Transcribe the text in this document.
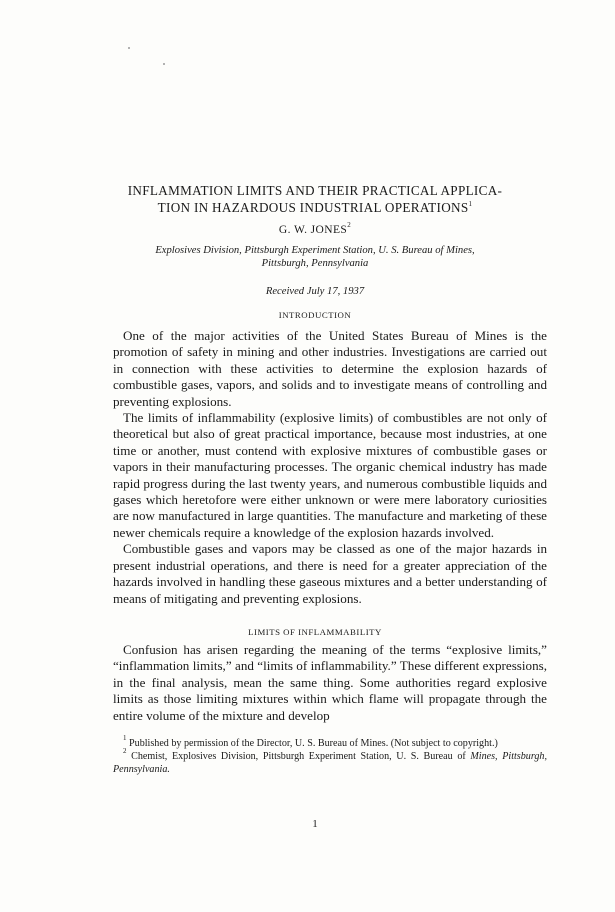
INFLAMMATION LIMITS AND THEIR PRACTICAL APPLICA-
TION IN HAZARDOUS INDUSTRIAL OPERATIONS$^1$
G. W. JONES$^2$
Explosives Division, Pittsburgh Experiment Station, U. S. Bureau of Mines,
Pittsburgh, Pennsylvania
Received July 17, 1937
INTRODUCTION

One of the major activities of the United States Bureau of Mines is the promotion of safety in mining and other industries. Investigations are carried out in connection with these activities to determine the explosion hazards of combustible gases, vapors, and solids and to investigate means of controlling and preventing explosions.

The limits of inflammability (explosive limits) of combustibles are not only of theoretical but also of great practical importance, because most industries, at one time or another, must contend with explosive mixtures of combustible gases or vapors in their manufacturing processes. The organic chemical industry has made rapid progress during the last twenty years, and numerous combustible liquids and gases which heretofore were either unknown or were mere laboratory curiosities are now manufactured in large quantities. The manufacture and marketing of these newer chemicals require a knowledge of the explosion hazards involved.

Combustible gases and vapors may be classed as one of the major hazards in present industrial operations, and there is need for a greater appreciation of the hazards involved in handling these gaseous mixtures and a better understanding of means of mitigating and preventing explosions.

LIMITS OF INFLAMMABILITY

Confusion has arisen regarding the meaning of the terms “explosive limits,” “inflammation limits,” and “limits of inflammability.” These different expressions, in the final analysis, mean the same thing. Some authorities regard explosive limits as those limiting mixtures within which flame will propagate through the entire volume of the mixture and develop

$^1$ Published by permission of the Director, U. S. Bureau of Mines. (Not subject to copyright.)

$^2$ Chemist, Explosives Division, Pittsburgh Experiment Station, U. S. Bureau of Mines, Pittsburgh, Pennsylvania.

1
